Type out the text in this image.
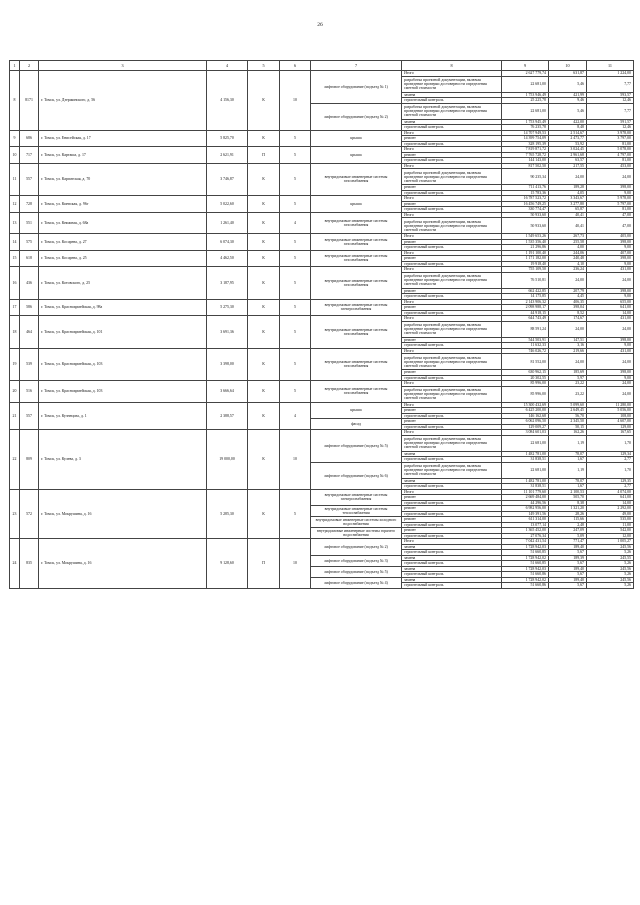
26
1	2	3	4	5	6	7	8	9	10	11
8	8171	г. Томск, ул. Дзержинского, д. 56	4 156,30	К	10	лифтовое оборудование (подъезд № 1)	Итого	2 627 779,74	631,87	1 224,00
							разработка проектной документации, включая проведение проверки достоверности определения сметной стоимости	22 681,00	5,46	7,77
							замена	1 753 946,49	421,99	593,57
							строительный контроль	25 225,78	9,46	12,46
						лифтовое оборудование (подъезд № 2)	разработка проектной документации, включая проведение проверки достоверности определения сметной стоимости	22 681,00	5,46	7,77
							замена	1 753 945,49	422,00	591,57
							строительный контроль	76 235,78	8,48	12,46
9	686	г. Томск, ул. Енисейская, д. 17	5 825,70	К	5	крыша	Итого	14 707 949,53	2 514,67	3 978,00
							ремонт	14 399 754,09	2 473,77	3 797,00
							строительный контроль	328 195,39	53,92	81,00
10	717	г. Томск, ул. Карташа, д. 17	2 621,91	П	5	крыша	Итого	7 819 871,72	3 024,45	5 078,00
							ремонт	7 765 728,72	2 961,68	4 797,00
							строительный контроль	144 143,00	63,57	81,00
11	557	г. Томск, ул. Карпатская, д. 70	3 746,87	К	5	внутридомовые инженерные системы газоснабжения	Итого	817 502,50	217,55	453,00
							разработка проектной документации, включая проведение проверки достоверности определения сметной стоимости	90 235,34	24,00	24,00
							ремонт	711 413,76	189,28	398,00
							строительный контроль	15 783,36	4,05	9,00
12	728	г. Томск, ул. Киевская, д. 96г	5 022,60	К	5	крыша	Итого	16 787 523,72	3 343,67	5 978,00
							ремонт	16 456 749,25	3 277,80	5 797,00
							строительный контроль	330 774,47	65,87	81,00
13	551	г. Томск, ул. Книжная, д. 68а	1 261,40	К	4	внутридомовые инженерные системы газоснабжения	Итого	50 933,60	40,41	47,00
							разработка проектной документации, включая проведение проверки достоверности определения сметной стоимости	50 933,60	40,41	47,00
14	575	г. Томск, ул. Косарева, д. 27	6 074,30	К	5	внутридомовые инженерные системы газоснабжения	Итого	1 549 653,26	267,73	405,00
							ремонт	1 535 356,40	255,58	398,00
							строительный контроль	21 296,86	4,00	9,00
15	618	г. Томск, ул. Косарева, д. 25	4 462,50	К	5	внутридомовые инженерные системы газоснабжения	Итого	1 191 100,40	244,06	407,00
							ремонт	1 171 182,00	240,48	398,00
							строительный контроль	19 918,40	4,10	9,00
16	436	г. Томск, ул. Котовского, д. 25	3 187,95	К	5	внутридомовые инженерные системы газоснабжения	Итого	755 109,50	236,24	431,00
							разработка проектной документации, включая проведение проверки достоверности определения сметной стоимости	76 510,81	24,00	24,00
							ремонт	662 422,85	207,79	398,00
							строительный контроль	14 175,85	4,45	9,00
17	586	г. Томск, ул. Красноармейская, д. 98а	5 275,30	К	5	внутридомовые инженерные системы электроснабжения	Итого	2 143 906,32	406,35	655,00
							ремонт	2 098 988,17	398,04	641,00
							строительный контроль	44 918,15	8,52	14,00
18	464	г. Томск, ул. Красноармейская, д. 101	3 691,36	К	5	внутридомовые инженерные системы газоснабжения	Итого	644 743,49	174,67	431,00
							разработка проектной документации, включая проведение проверки достоверности определения сметной стоимости	88 591,24	24,00	24,00
							ремонт	544 503,91	147,51	398,00
							строительный контроль	11 632,33	3,16	9,00
19	539	г. Томск, ул. Красноармейская, д. 103	3 398,00	К	5	внутридомовые инженерные системы газоснабжения	Итого	746 026,72	219,66	431,00
							разработка проектной документации, включая проведение проверки достоверности определения сметной стоимости	81 552,00	24,00	24,00
							ремонт	630 962,15	185,69	398,00
							строительный контроль	20 302,55	5,97	9,00
20	516	г. Томск, ул. Красноармейская, д. 103	3 666,64	К	5	внутридомовые инженерные системы газоснабжения	Итого	85 996,00	23,22	24,00
							разработка проектной документации, включая проведение проверки достоверности определения сметной стоимости	85 996,00	23,22	24,00
21	557	г. Томск, ул. Кузнецова, д. 1	2 388,57	К	4	крыша	Итого	15 300 432,69	5 099,60	11 280,00
							ремонт	6 425 200,00	2 649,45	5 056,00
							строительный контроль	146 162,68	56,70	108,00
						фасад	ремонт	6 062 096,50	2 345,50	4 607,00
							строительный контроль	129 009,27	50,15	129,00
22	809	г. Томск, ул. Кулева, д. 3	19 000,00	К	10	лифтовое оборудование (подъезд № 5)	Итого	3 084 601,03	162,26	167,65
							разработка проектной документации, включая проведение проверки достоверности определения сметной стоимости	22 681,00	1,19	1,70
							замена	1 482 781,00	78,07	129,34
							строительный контроль	31 838,51	1,67	2,77
						лифтовое оборудование (подъезд № 6)	разработка проектной документации, включая проведение проверки достоверности определения сметной стоимости	22 681,00	1,19	1,70
							замена	1 482 781,00	78,07	129,35
							строительный контроль	31 838,51	1,67	2,77
23	572	г. Томск, ул. Мокрушина, д. 16	5 285,30	К	5	внутридомовые инженерные системы электроснабжения	Итого	11 101 779,60	2 100,53	4 074,00
							ремонт	2 669 484,00	505,70	641,00
							строительный контроль	44 296,56	8,38	14,00
						внутридомовые инженерные системы теплоснабжения	ремонт	6 982 956,00	1 321,20	2 292,00
							строительный контроль	149 391,56	28,26	49,00
						внутридомовые инженерные системы холодного водоснабжения	ремонт	611 314,00	115,66	535,00
							строительный контроль	13 077,14	2,48	11,00
						внутридомовые инженерные системы горячего водоснабжения	ремонт	1 365 452,00	247,09	542,00
							строительный контроль	27 076,34	5,09	12,00
24	835	г. Томск, ул. Мокрушина, д. 16	9 128,60	П	10	лифтовое оборудование (подъезд № 2)	Итого	7 042 431,54	771,47	1 005,27
							замена	1 728 942,03	189,40	245,56
							строительный контроль	51 660,85	5,67	5,26
						лифтовое оборудование (подъезд № 3)	замена	1 728 942,02	189,39	245,55
							строительный контроль	51 660,85	5,67	5,26
						лифтовое оборудование (подъезд № 5)	замена	1 728 942,03	189,40	245,56
							строительный контроль	51 660,86	5,67	5,26
						лифтовое оборудование (подъезд № 4)	замена	1 728 942,02	189,40	245,56
							строительный контроль	51 660,86	5,67	5,26
